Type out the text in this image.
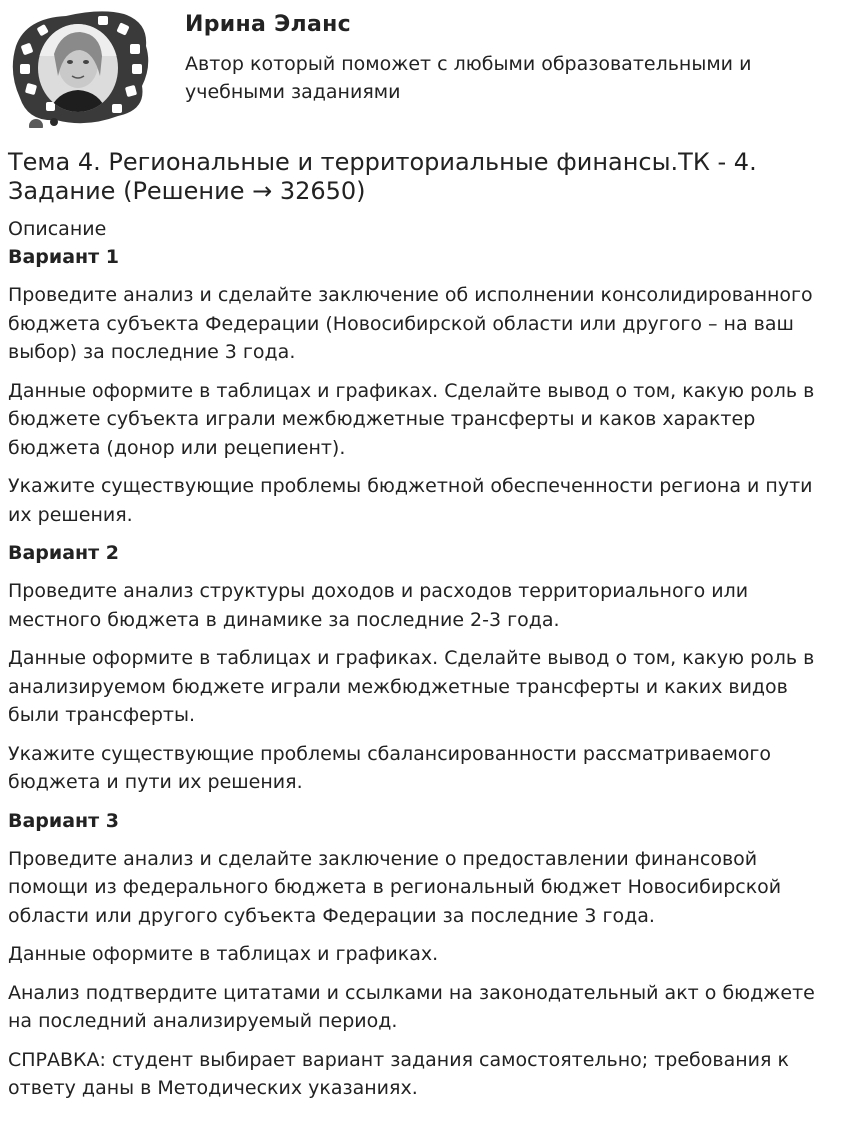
Ирина Эланс
Автор который поможет с любыми образовательными и учебными заданиями
Тема 4. Региональные и территориальные финансы.ТК - 4. Задание (Решение → 32650)
Описание
Вариант 1

Проведите анализ и сделайте заключение об исполнении консолидированного бюджета субъекта Федерации (Новосибирской области или другого – на ваш выбор) за последние 3 года.

Данные оформите в таблицах и графиках. Сделайте вывод о том, какую роль в бюджете субъекта играли межбюджетные трансферты и каков характер бюджета (донор или рецепиент).

Укажите существующие проблемы бюджетной обеспеченности региона и пути их решения.

Вариант 2

Проведите анализ структуры доходов и расходов территориального или местного бюджета в динамике за последние 2-3 года.

Данные оформите в таблицах и графиках. Сделайте вывод о том, какую роль в анализируемом бюджете играли межбюджетные трансферты и каких видов были трансферты.

Укажите существующие проблемы сбалансированности рассматриваемого бюджета и пути их решения.

Вариант 3

Проведите анализ и сделайте заключение о предоставлении финансовой помощи из федерального бюджета в региональный бюджет Новосибирской области или другого субъекта Федерации за последние 3 года.

Данные оформите в таблицах и графиках.

Анализ подтвердите цитатами и ссылками на законодательный акт о бюджете на последний анализируемый период.

СПРАВКА: студент выбирает вариант задания самостоятельно; требования к ответу даны в Методических указаниях.
